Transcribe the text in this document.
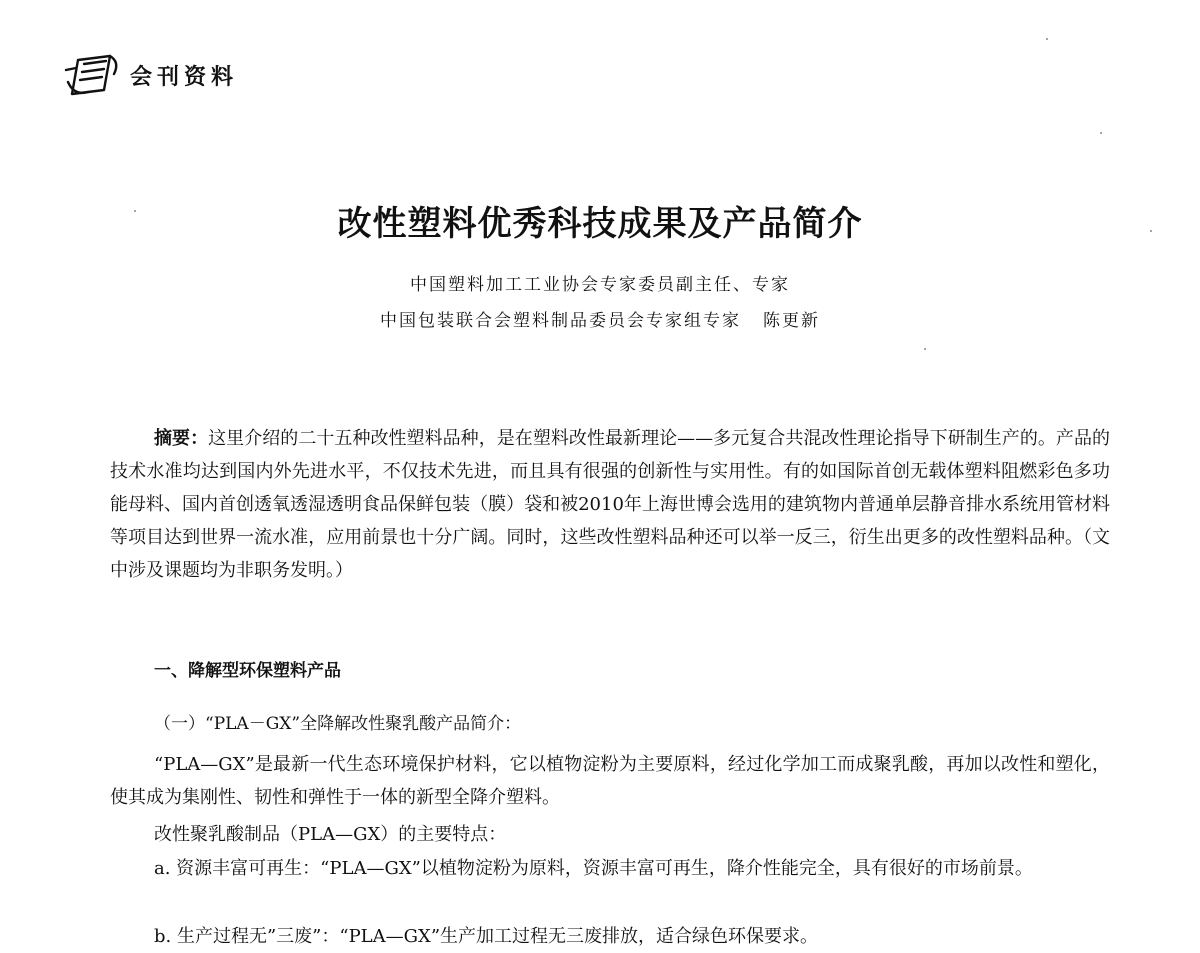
会刊资料
改性塑料优秀科技成果及产品简介
中国塑料加工工业协会专家委员副主任、专家
中国包装联合会塑料制品委员会专家组专家 陈更新
摘要：这里介绍的二十五种改性塑料品种，是在塑料改性最新理论——多元复合共混改性理论指导下研制生产的。产品的技术水准均达到国内外先进水平，不仅技术先进，而且具有很强的创新性与实用性。有的如国际首创无载体塑料阻燃彩色多功能母料、国内首创透氧透湿透明食品保鲜包装（膜）袋和被2010年上海世博会选用的建筑物内普通单层静音排水系统用管材料等项目达到世界一流水准，应用前景也十分广阔。同时，这些改性塑料品种还可以举一反三，衍生出更多的改性塑料品种。（文中涉及课题均为非职务发明。）
一、降解型环保塑料产品
（一）“PLA－GX”全降解改性聚乳酸产品简介：
“PLA—GX”是最新一代生态环境保护材料，它以植物淀粉为主要原料，经过化学加工而成聚乳酸，再加以改性和塑化，使其成为集刚性、韧性和弹性于一体的新型全降介塑料。
改性聚乳酸制品（PLA—GX）的主要特点：
a. 资源丰富可再生：“PLA—GX”以植物淀粉为原料，资源丰富可再生，降介性能完全，具有很好的市场前景。
b. 生产过程无”三废”：“PLA—GX”生产加工过程无三废排放，适合绿色环保要求。
